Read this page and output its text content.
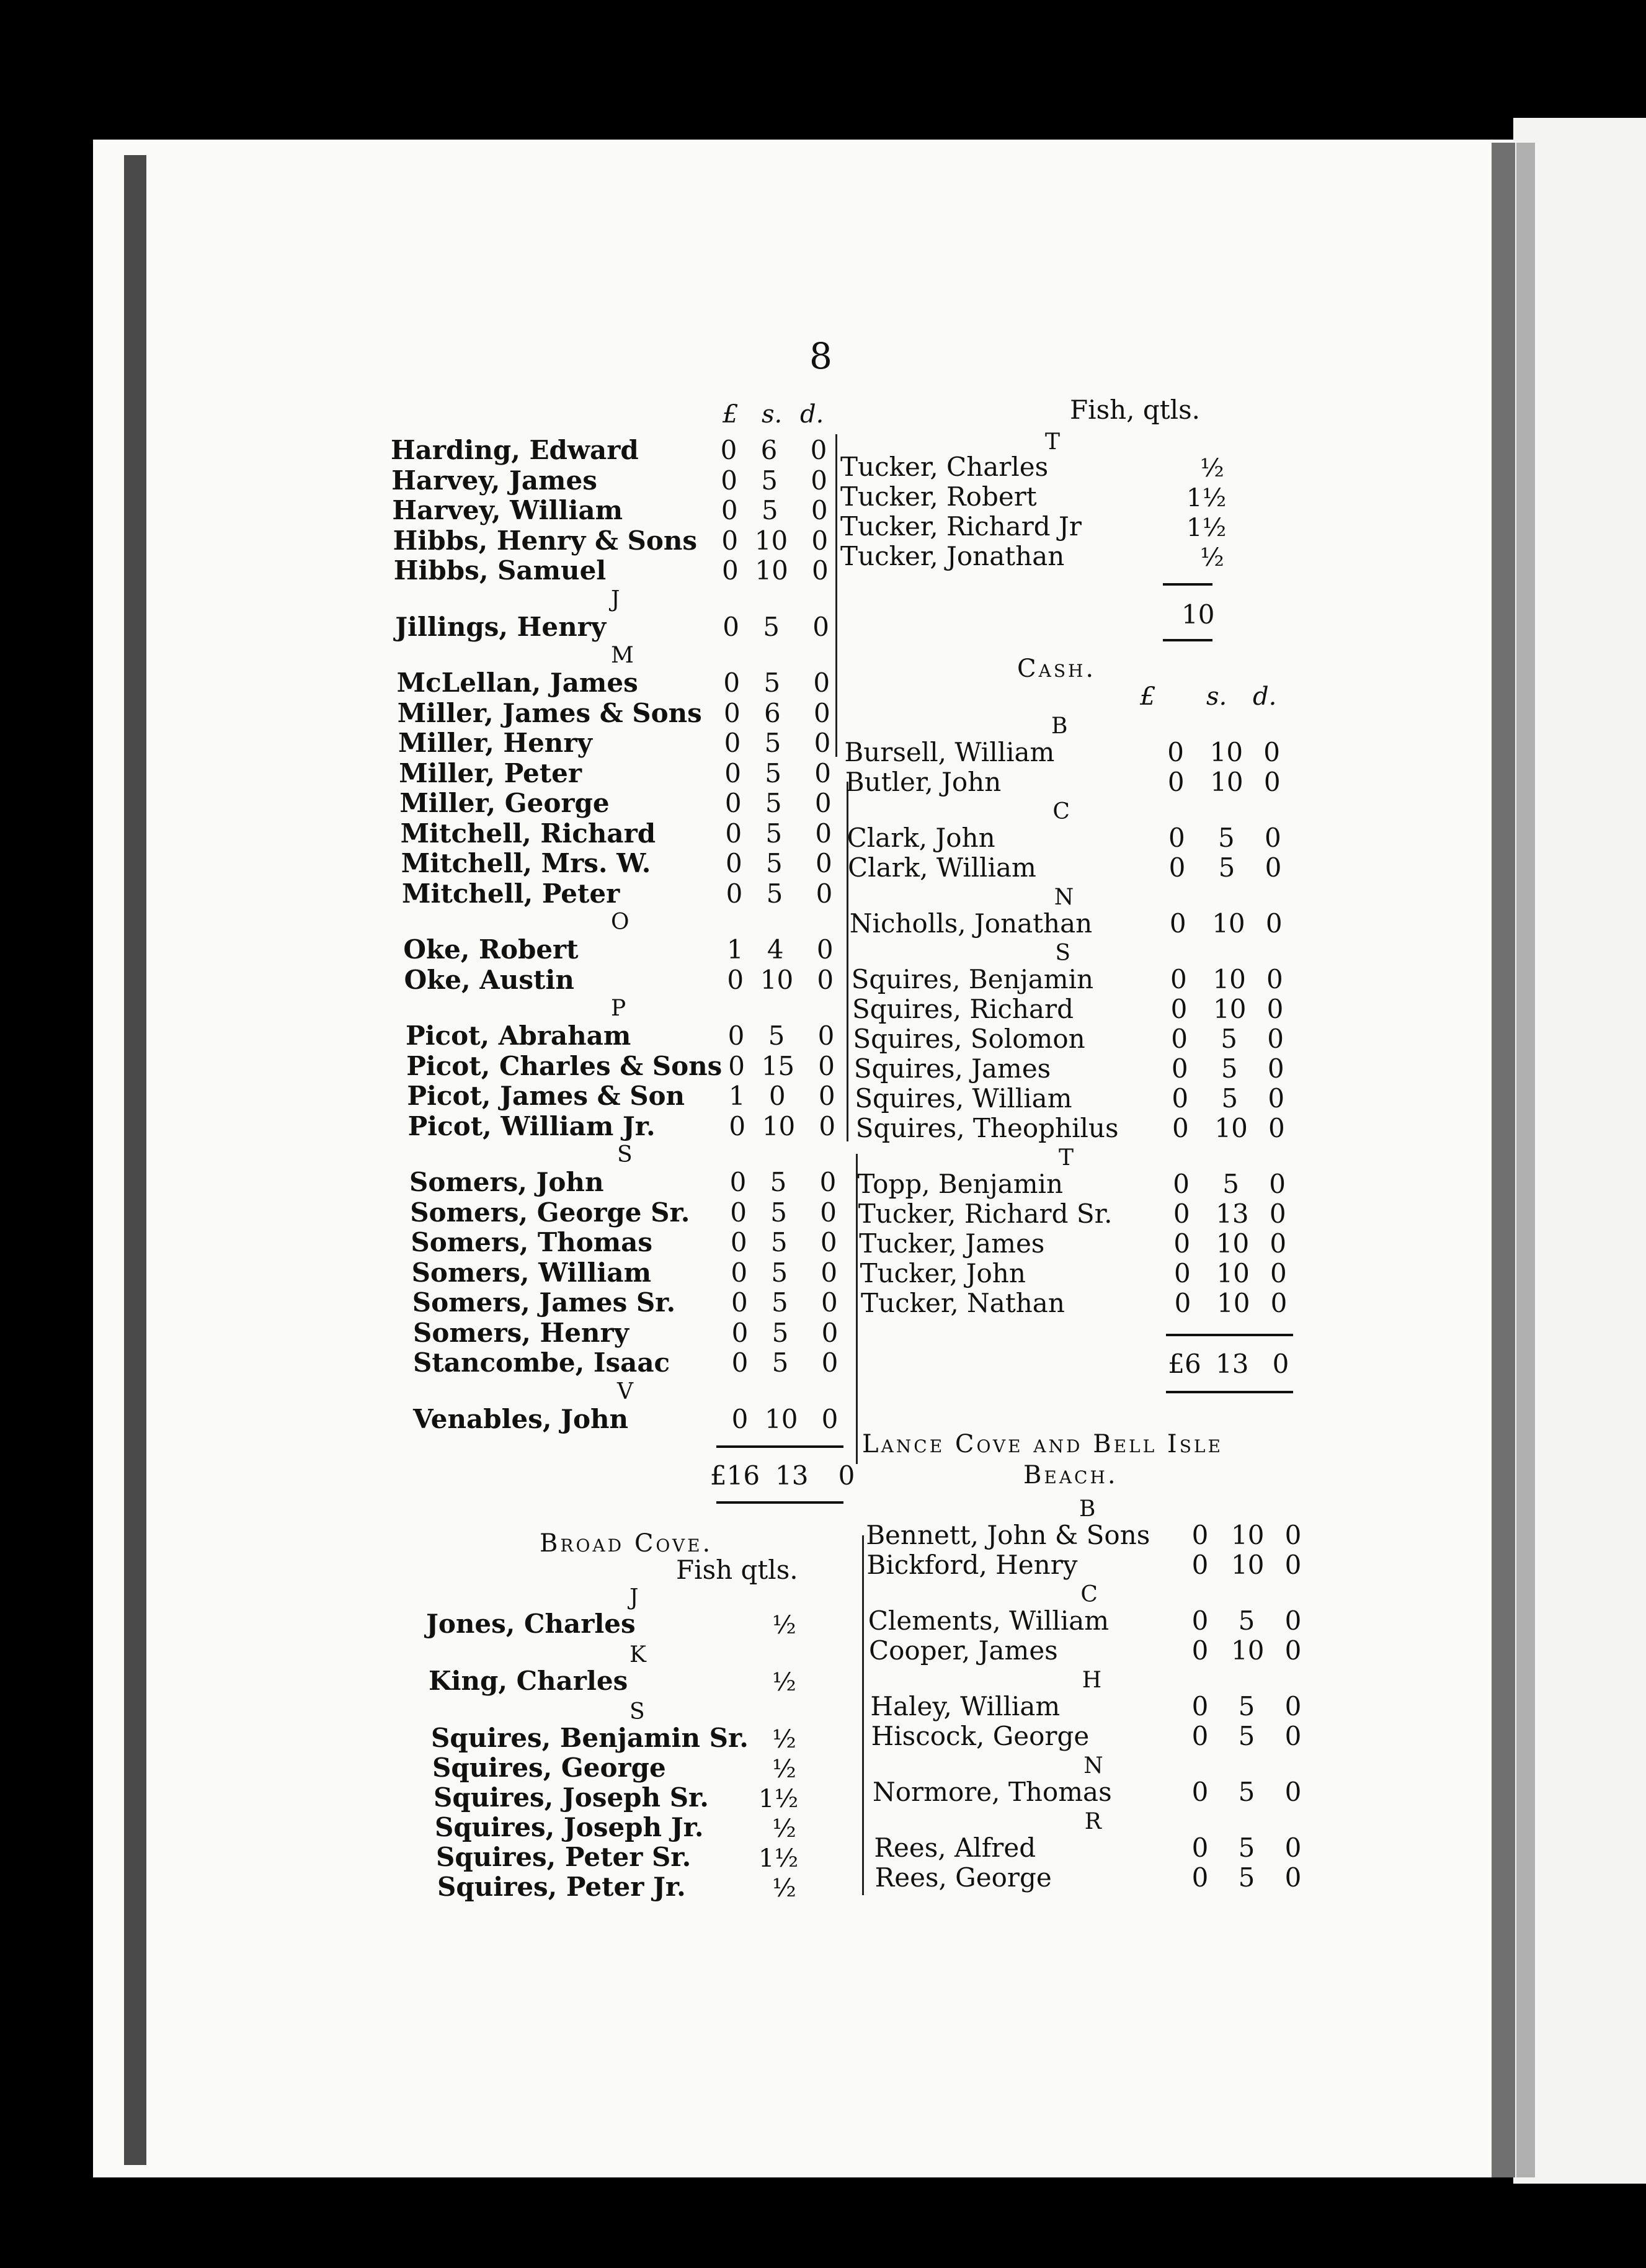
8
£ s. d.
Harding, Edward	0 6 0
Harvey, James	0 5 0
Harvey, William	0 5 0
Hibbs, Henry & Sons 0 10 0
Hibbs, Samuel	0 10 0
J
Jillings, Henry	0 5 0
M
McLellan, James	0 5 0
Miller, James & Sons 0 6 0
Miller, Henry	0 5 0
Miller, Peter	0 5 0
Miller, George	0 5 0
Mitchell, Richard	0 5 0
Mitchell, Mrs. W.	0 5 0
Mitchell, Peter	0 5 0
O
Oke, Robert	1 4 0
Oke, Austin	0 10 0
P
Picot, Abraham	0 5 0
Picot, Charles & Sons 0 15 0
Picot, James & Son 1 0 0
Picot, William Jr.	0 10 0
S
Somers, John	0 5 0
Somers, George Sr. 0 5 0
Somers, Thomas	0 5 0
Somers, William	0 5 0
Somers, James Sr. 0 5 0
Somers, Henry	0 5 0
Stancombe, Isaac 0 5 0
V
Venables, John	0 10 0
£16 13 0
Broad Cove.
Fish qtls.
J
Jones, Charles	½
K
King, Charles	½
S
Squires, Benjamin Sr. ½
Squires, George	½
Squires, Joseph Sr. 1½
Squires, Joseph Jr.	½
Squires, Peter Sr.	1½
Squires, Peter Jr.	½
Fish, qtls.
T
Tucker, Charles	½
Tucker, Robert	1½
Tucker, Richard Jr	1½
Tucker, Jonathan	½
10
Cash.
£ s. d.
B
Bursell, William	0 10 0
Butler, John	0 10 0
C
Clark, John	0 5 0
Clark, William	0 5 0
N
Nicholls, Jonathan	0 10 0
S
Squires, Benjamin	0 10 0
Squires, Richard	0 10 0
Squires, Solomon	0 5 0
Squires, James	0 5 0
Squires, William	0 5 0
Squires, Theophilus 0 10 0
T
Topp, Benjamin	0 5 0
Tucker, Richard Sr. 0 13 0
Tucker, James	0 10 0
Tucker, John	0 10 0
Tucker, Nathan	0 10 0
£6 13 0
Lance Cove and Bell Isle
Beach.
B
Bennett, John & Sons 0 10 0
Bickford, Henry	0 10 0
C
Clements, William	0 5 0
Cooper, James	0 10 0
H
Haley, William	0 5 0
Hiscock, George	0 5 0
N
Normore, Thomas	0 5 0
R
Rees, Alfred	0 5 0
Rees, George	0 5 0
